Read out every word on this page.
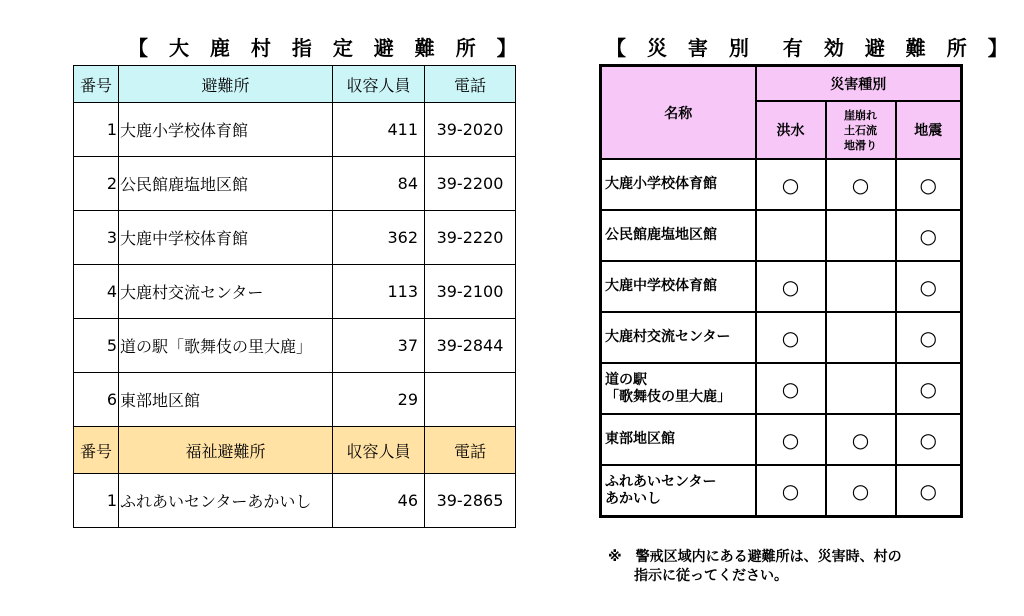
【 大 鹿 村 指 定 避 難 所 】
番号	避難所	収容人員	電話
1	大鹿小学校体育館	411	39-2020
2	公民館鹿塩地区館	84	39-2200
3	大鹿中学校体育館	362	39-2220
4	大鹿村交流センター	113	39-2100
5	道の駅「歌舞伎の里大鹿」	37	39-2844
6	東部地区館	29	
番号	福祉避難所	収容人員	電話
1	ふれあいセンターあかいし	46	39-2865
【 災 害 別　有 効 避 難 所 】
名称	災害種別		
	洪水	崖崩れ
土石流
地滑り	地震

大鹿小学校体育館	○	○	○

公民館鹿塩地区館			○

大鹿中学校体育館	○		○

大鹿村交流センター	○		○

道の駅
「歌舞伎の里大鹿」	○		○

東部地区館	○	○	○

ふれあいセンター
あかいし	○	○	○
※　警戒区域内にある避難所は、災害時、村の
指示に従ってください。
